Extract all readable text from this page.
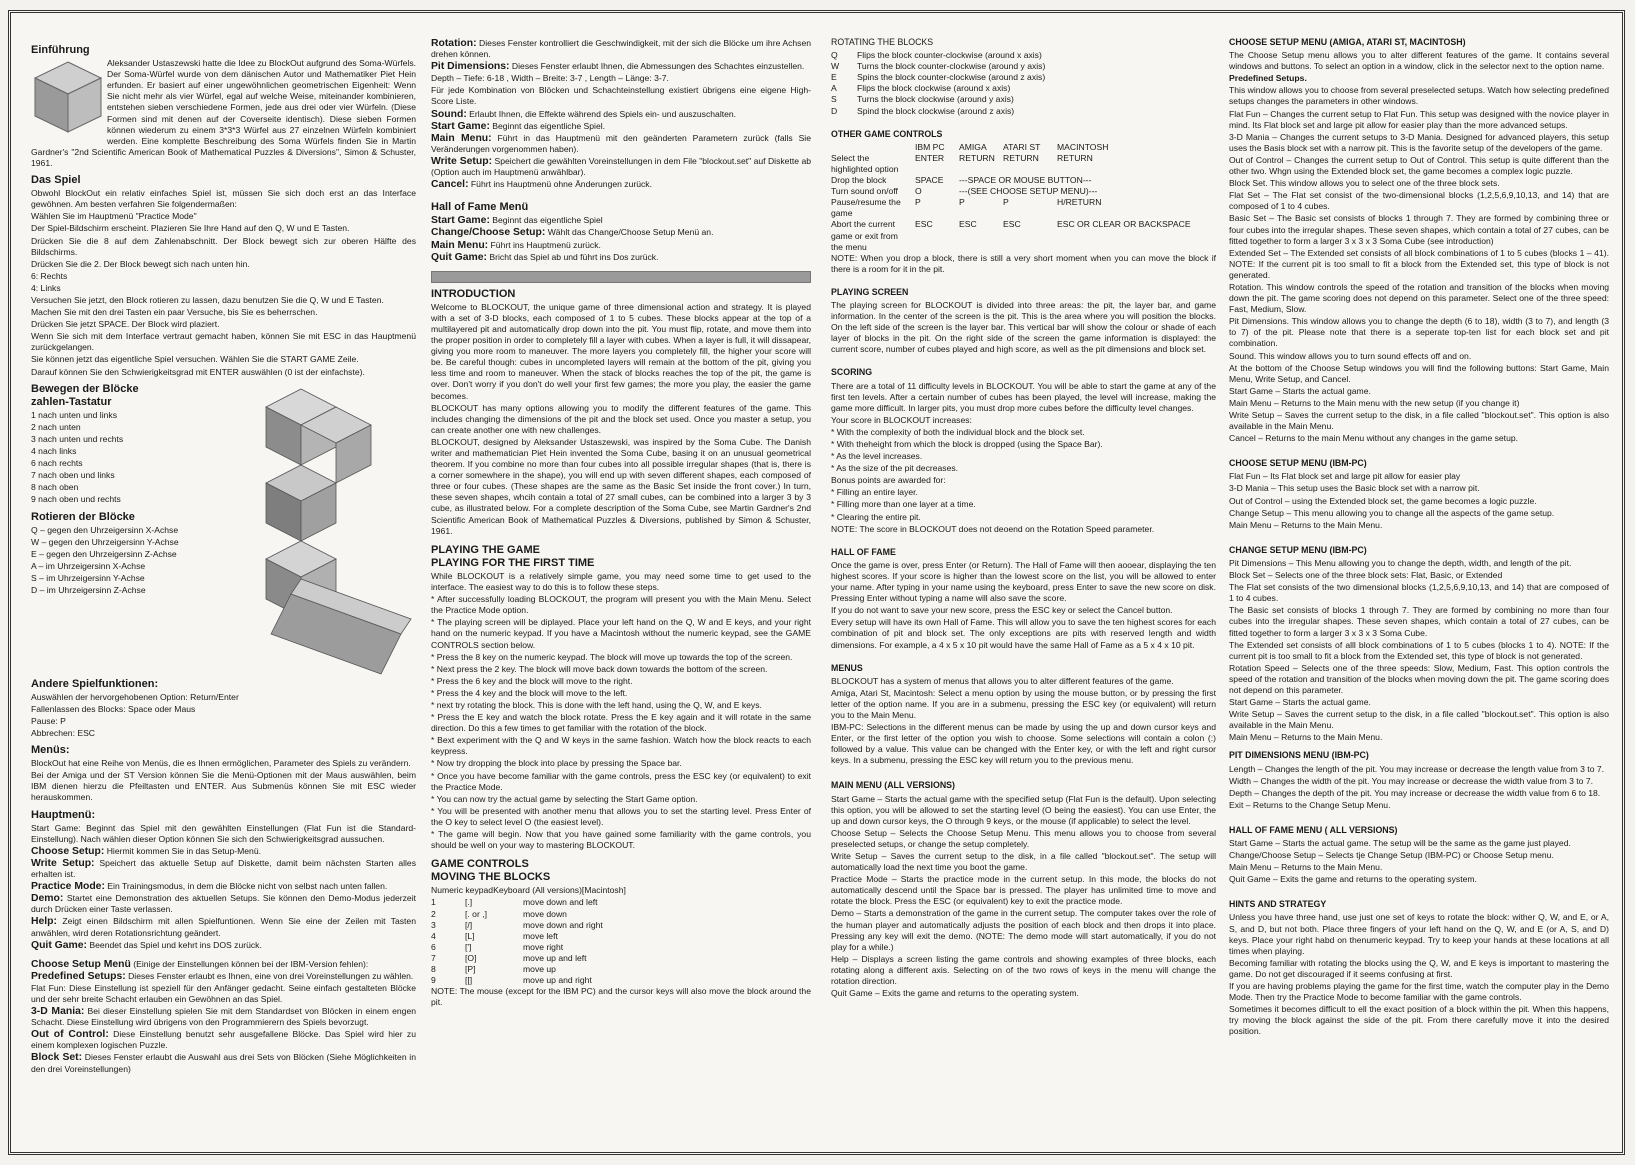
Einführung

Aleksander Ustaszewski hatte die Idee zu BlockOut aufgrund des Soma-Würfels. Der Soma-Würfel wurde von dem dänischen Autor und Mathematiker Piet Hein erfunden. Er basiert auf einer ungewöhnlichen geometrischen Eigenheit: Wenn Sie nicht mehr als vier Würfel, egal auf welche Weise, miteinander kombinieren, entstehen sieben verschiedene Formen, jede aus drei oder vier Würfeln. (Diese Formen sind mit denen auf der Coverseite identisch). Diese sieben Formen können wiederum zu einem 3*3*3 Würfel aus 27 einzelnen Würfeln kombiniert werden. Eine komplette Beschreibung des Soma Würfels finden Sie in Martin Gardner's "2nd Scientific American Book of Mathematical Puzzles & Diversions", Simon & Schuster, 1961.

Das Spiel

Obwohl BlockOut ein relativ einfaches Spiel ist, müssen Sie sich doch erst an das Interface gewöhnen. Am besten verfahren Sie folgendermaßen:

Wählen Sie im Hauptmenü "Practice Mode"

Der Spiel-Bildschirm erscheint. Plazieren Sie Ihre Hand auf den Q, W und E Tasten.

Drücken Sie die 8 auf dem Zahlenabschnitt. Der Block bewegt sich zur oberen Hälfte des Bildschirms.

Drücken Sie die 2. Der Block bewegt sich nach unten hin.

6: Rechts

4: Links

Versuchen Sie jetzt, den Block rotieren zu lassen, dazu benutzen Sie die Q, W und E Tasten.

Machen Sie mit den drei Tasten ein paar Versuche, bis Sie es beherrschen.

Drücken Sie jetzt SPACE. Der Block wird plaziert.

Wenn Sie sich mit dem Interface vertraut gemacht haben, können Sie mit ESC in das Hauptmenü zurückgelangen.

Sie können jetzt das eigentliche Spiel versuchen. Wählen Sie die START GAME Zeile.

Darauf können Sie den Schwierigkeitsgrad mit ENTER auswählen (0 ist der einfachste).

Bewegen der Blöcke
zahlen-Tastatur

1 nach unten und links

2 nach unten

3 nach unten und rechts

4 nach links

6 nach rechts

7 nach oben und links

8 nach oben

9 nach oben und rechts

Rotieren der Blöcke

Q – gegen den Uhrzeigersinn X-Achse

W – gegen den Uhrzeigersinn Y-Achse

E – gegen den Uhrzeigersinn Z-Achse

A – im Uhrzeigersinn X-Achse

S – im Uhrzeigersinn Y-Achse

D – im Uhrzeigersinn Z-Achse

Andere Spielfunktionen:

Auswählen der hervorgehobenen Option: Return/Enter

Fallenlassen des Blocks: Space oder Maus

Pause: P

Abbrechen: ESC

Menüs:

BlockOut hat eine Reihe von Menüs, die es Ihnen ermöglichen, Parameter des Spiels zu verändern.

Bei der Amiga und der ST Version können Sie die Menü-Optionen mit der Maus auswählen, beim IBM dienen hierzu die Pfeiltasten und ENTER. Aus Submenüs können Sie mit ESC wieder herauskommen.

Hauptmenü:

Start Game: Beginnt das Spiel mit den gewählten Einstellungen (Flat Fun ist die Standard-Einstellung). Nach wählen dieser Option können Sie sich den Schwierigkeitsgrad aussuchen.

Choose Setup: Hiermit kommen Sie in das Setup-Menü.

Write Setup: Speichert das aktuelle Setup auf Diskette, damit beim nächsten Starten alles erhalten ist.

Practice Mode: Ein Trainingsmodus, in dem die Blöcke nicht von selbst nach unten fallen.

Demo: Startet eine Demonstration des aktuellen Setups. Sie können den Demo-Modus jederzeit durch Drücken einer Taste verlassen.

Help: Zeigt einen Bildschirm mit allen Spielfuntionen. Wenn Sie eine der Zeilen mit Tasten anwählen, wird deren Rotationsrichtung geändert.

Quit Game: Beendet das Spiel und kehrt ins DOS zurück.

Choose Setup Menü (Einige der Einstellungen können bei der IBM-Version fehlen):

Predefined Setups: Dieses Fenster erlaubt es Ihnen, eine von drei Voreinstellungen zu wählen.

Flat Fun: Diese Einstellung ist speziell für den Anfänger gedacht. Seine einfach gestalteten Blöcke und der sehr breite Schacht erlauben ein Gewöhnen an das Spiel.

3-D Mania: Bei dieser Einstellung spielen Sie mit dem Standardset von Blöcken in einem engen Schacht. Diese Einstellung wird übrigens von den Programmierern des Spiels bevorzugt.

Out of Control: Diese Einstellung benutzt sehr ausgefallene Blöcke. Das Spiel wird hier zu einem komplexen logischen Puzzle.

Block Set: Dieses Fenster erlaubt die Auswahl aus drei Sets von Blöcken (Siehe Möglichkeiten in den drei Voreinstellungen)

Rotation: Dieses Fenster kontrolliert die Geschwindigkeit, mit der sich die Blöcke um ihre Achsen drehen können.

Pit Dimensions: Dieses Fenster erlaubt Ihnen, die Abmessungen des Schachtes einzustellen.

Depth – Tiefe: 6-18 , Width – Breite: 3-7 , Length – Länge: 3-7.

Für jede Kombination von Blöcken und Schachteinstellung existiert übrigens eine eigene High-Score Liste.

Sound: Erlaubt Ihnen, die Effekte während des Spiels ein- und auszuschalten.

Start Game: Beginnt das eigentliche Spiel.

Main Menu: Führt in das Hauptmenü mit den geänderten Parametern zurück (falls Sie Veränderungen vorgenommen haben).

Write Setup: Speichert die gewählten Voreinstellungen in dem File "blockout.set" auf Diskette ab (Option auch im Hauptmenü anwählbar).

Cancel: Führt ins Hauptmenü ohne Änderungen zurück.

Hall of Fame Menü

Start Game: Beginnt das eigentliche Spiel

Change/Choose Setup: Wählt das Change/Choose Setup Menü an.

Main Menu: Führt ins Hauptmenü zurück.

Quit Game: Bricht das Spiel ab und führt ins Dos zurück.

INTRODUCTION

Welcome to BLOCKOUT, the unique game of three dimensional action and strategy. It is played with a set of 3-D blocks, each composed of 1 to 5 cubes. These blocks appear at the top of a multilayered pit and automatically drop down into the pit. You must flip, rotate, and move them into the proper position in order to completely fill a layer with cubes. When a layer is full, it will dissapear, giving you more room to maneuver. The more layers you completely fill, the higher your score will be. Be careful though: cubes in uncompleted layers will remain at the bottom of the pit, giving you less time and room to maneuver. When the stack of blocks reaches the top of the pit, the game is over. Don't worry if you don't do well your first few games; the more you play, the easier the game becomes.

BLOCKOUT has many options allowing you to modify the different features of the game. This includes changing the dimensions of the pit and the block set used. Once you master a setup, you can create another one with new challenges.

BLOCKOUT, designed by Aleksander Ustaszewski, was inspired by the Soma Cube. The Danish writer and mathematician Piet Hein invented the Soma Cube, basing it on an unusual geometrical theorem. If you combine no more than four cubes into all possible irregular shapes (that is, there is a corner somewhere in the shape), you will end up with seven different shapes, each composed of three or four cubes. (These shapes are the same as the Basic Set inside the front cover.) In turn, these seven shapes, whcih contain a total of 27 small cubes, can be combined into a larger 3 by 3 cube, as illustrated below. For a complete description of the Soma Cube, see Martin Gardner's 2nd Scientific American Book of Mathematical Puzzles & Diversions, published by Simon & Schuster, 1961.

PLAYING THE GAME
PLAYING FOR THE FIRST TIME

While BLOCKOUT is a relatively simple game, you may need some time to get used to the interface. The easiest way to do this is to follow these steps.

* After successfully loading BLOCKOUT, the program will present you with the Main Menu. Select the Practice Mode option.

* The playing screen will be diplayed. Place your left hand on the Q, W and E keys, and your right hand on the numeric keypad. If you have a Macintosh without the numeric keypad, see the GAME CONTROLS section below.

* Press the 8 key on the numeric keypad. The block will move up towards the top of the screen.

* Next press the 2 key. The block will move back down towards the bottom of the screen.

* Press the 6 key and the block will move to the right.

* Press the 4 key and the block will move to the left.

* next try rotating the block. This is done with the left hand, using the Q, W, and E keys.

* Press the E key and watch the block rotate. Press the E key again and it will rotate in the same direction. Do this a few times to get familiar with the rotation of the block.

* Bext experiment with the Q and W keys in the same fashion. Watch how the block reacts to each keypress.

* Now try dropping the block into place by pressing the Space bar.

* Once you have become familiar with the game controls, press the ESC key (or equivalent) to exit the Practice Mode.

* You can now try the actual game by selecting the Start Game option.

* You will be presented with another menu that allows you to set the starting level. Press Enter of the O key to select level O (the easiest level).

* The game will begin. Now that you have gained some familiarity with the game controls, you should be well on your way to mastering BLOCKOUT.

GAME CONTROLS
MOVING THE BLOCKS

Numeric keypadKeyboard (All versions)[Macintosh]

1	[.]	move down and left
2	[. or ,]	move down
3	[/]	move down and right
4	[L]	move left
6	[']	move right
7	[O]	move up and left
8	[P]	move up
9	[[]	move up and right

NOTE: The mouse (except for the IBM PC) and the cursor keys will also move the block around the pit.

ROTATING THE BLOCKS
Q	Flips the block counter-clockwise (around x axis)
W	Turns the block counter-clockwise (around y axis)
E	Spins the block counter-clockwise (around z axis)
A	Flips the block clockwise (around x axis)
S	Turns the block clockwise (around y axis)
D	Spind the block clockwise (around z axis)
OTHER GAME CONTROLS
	IBM PC	AMIGA	ATARI ST	MACINTOSH
Select the highlighted option	ENTER	RETURN	RETURN	RETURN
Drop the block	SPACE	---SPACE OR MOUSE BUTTON---		
Turn sound on/off	O	---(SEE CHOOSE SETUP MENU)---		
Pause/resume the game	P	P	P	H/RETURN
Abort the current game or exit from the menu	ESC	ESC	ESC	ESC OR CLEAR OR BACKSPACE

NOTE: When you drop a block, there is still a very short moment when you can move the block if there is a room for it in the pit.

PLAYING SCREEN

The playing screen for BLOCKOUT is divided into three areas: the pit, the layer bar, and game information. In the center of the screen is the pit. This is the area where you will position the blocks. On the left side of the screen is the layer bar. This vertical bar will show the colour or shade of each layer of blocks in the pit. On the right side of the screen the game information is displayed: the current score, number of cubes played and high score, as well as the pit dimensions and block set.

SCORING

There are a total of 11 difficulty levels in BLOCKOUT. You will be able to start the game at any of the first ten levels. After a certain number of cubes has been played, the level will increase, making the game more difficult. In larger pits, you must drop more cubes before the difficulty level changes.

Your score in BLOCKOUT increases:

* With the complexity of both the individual block and the block set.

* With theheight from which the block is dropped (using the Space Bar).

* As the level increases.

* As the size of the pit decreases.

Bonus points are awarded for:

* Filling an entire layer.

* Filling more than one layer at a time.

* Clearing the entire pit.

NOTE: The score in BLOCKOUT does not deoend on the Rotation Speed parameter.

HALL OF FAME

Once the game is over, press Enter (or Return). The Hall of Fame will then aooear, displaying the ten highest scores. If your score is higher than the lowest score on the list, you will be allowed to enter your name. After typing in your name using the keyboard, press Enter to save the new score on disk. Pressing Enter without typing a name will also save the score.

If you do not want to save your new score, press the ESC key or select the Cancel button.

Every setup will have its own Hall of Fame. This will allow you to save the ten highest scores for each combination of pit and block set. The only exceptions are pits with reserved length and width dimensions. For example, a 4 x 5 x 10 pit would have the same Hall of Fame as a 5 x 4 x 10 pit.

MENUS

BLOCKOUT has a system of menus that allows you to alter different features of the game.

Amiga, Atari St, Macintosh: Select a menu option by using the mouse button, or by pressing the first letter of the option name. If you are in a submenu, pressing the ESC key (or equivalent) will return you to the Main Menu.

IBM-PC: Selections in the different menus can be made by using the up and down cursor keys and Enter, or the first letter of the option you wish to choose. Some selections will contain a colon (:) followed by a value. This value can be changed with the Enter key, or with the left and right cursor keys. In a submenu, pressing the ESC key will return you to the previous menu.

MAIN MENU (ALL VERSIONS)

Start Game – Starts the actual game with the specified setup (Flat Fun is the default). Upon selecting this option, you will be allowed to set the starting level (O being the easiest). You can use Enter, the up and down cursor keys, the O through 9 keys, or the mouse (if applicable) to select the level.

Choose Setup – Selects the Choose Setup Menu. This menu allows you to choose from several preselected setups, or change the setup completely.

Write Setup – Saves the current setup to the disk, in a file called "blockout.set". The setup will automatically load the next time you boot the game.

Practice Mode – Starts the practice mode in the current setup. In this mode, the blocks do not automatically descend until the Space bar is pressed. The player has unlimited time to move and rotate the block. Press the ESC (or equivalent) key to exit the practice mode.

Demo – Starts a demonstration of the game in the current setup. The computer takes over the role of the human player and automatically adjusts the position of each block and then drops it into place. Pressing any key will exit the demo. (NOTE: The demo mode will start automatically, if you do not play for a while.)

Help – Displays a screen listing the game controls and showing examples of three blocks, each rotating along a different axis. Selecting on of the two rows of keys in the menu will change the rotation direction.

Quit Game – Exits the game and returns to the operating system.

CHOOSE SETUP MENU (AMIGA, ATARI ST, MACINTOSH)

The Choose Setup menu allows you to alter different features of the game. It contains several windows and buttons. To select an option in a window, click in the selector next to the option name.

Predefined Setups.

This window allows you to choose from several preselected setups. Watch how selecting predefined setups changes the parameters in other windows.

Flat Fun – Changes the current setup to Flat Fun. This setup was designed with the novice player in mind. Its Flat block set and large pit allow for easier play than the more advanced setups.

3-D Mania – Changes the current setups to 3-D Mania. Designed for advanced players, this setup uses the Basis block set with a narrow pit. This is the favorite setup of the developers of the game.

Out of Control – Changes the current setup to Out of Control. This setup is quite different than the other two. Whgn using the Extended block set, the game becomes a complex logic puzzle.

Block Set. This window allows you to select one of the three block sets.

Flat Set – The Flat set consist of the two-dimensional blocks (1,2,5,6,9,10,13, and 14) that are composed of 1 to 4 cubes.

Basic Set – The Basic set consists of blocks 1 through 7. They are formed by combining three or four cubes into the irregular shapes. These seven shapes, which contain a total of 27 cubes, can be fitted together to form a larger 3 x 3 x 3 Soma Cube (see introduction)

Extended Set – The Extended set consists of all block combinations of 1 to 5 cubes (blocks 1 – 41). NOTE: If the current pit is too small to fit a block from the Extended set, this type of block is not generated.

Rotation. This window controls the speed of the rotation and transition of the blocks when moving down the pit. The game scoring does not depend on this parameter. Select one of the three speed: Fast, Medium, Slow.

Pit Dimensions. This window allows you to change the depth (6 to 18), width (3 to 7), and length (3 to 7) of the pit. Please note that there is a seperate top-ten list for each block set and pit combination.

Sound. This window allows you to turn sound effects off and on.

At the bottom of the Choose Setup windows you will find the following buttons: Start Game, Main Menu, Write Setup, and Cancel.

Start Game – Starts the actual game.

Main Menu – Returns to the Main menu with the new setup (if you change it)

Write Setup – Saves the current setup to the disk, in a file called "blockout.set". This option is also available in the Main Menu.

Cancel – Returns to the main Menu without any changes in the game setup.

CHOOSE SETUP MENU (IBM-PC)

Flat Fun – Its Flat block set and large pit allow for easier play

3-D Mania – This setup uses the Basic block set with a narrow pit.

Out of Control – using the Extended block set, the game becomes a logic puzzle.

Change Setup – This menu allowing you to change all the aspects of the game setup.

Main Menu – Returns to the Main Menu.

CHANGE SETUP MENU (IBM-PC)

Pit Dimensions – This Menu allowing you to change the depth, width, and length of the pit.

Block Set – Selects one of the three block sets: Flat, Basic, or Extended

The Flat set consists of the two dimensional blocks (1,2,5,6,9,10,13, and 14) that are composed of 1 to 4 cubes.

The Basic set consists of blocks 1 through 7. They are formed by combining no more than four cubes into the irregular shapes. These seven shapes, which contain a total of 27 cubes, can be fitted together to form a larger 3 x 3 x 3 Soma Cube.

The Extended set consists of alll block combinations of 1 to 5 cubes (blocks 1 to 4). NOTE: If the current pit is too small to fit a block from the Extended set, this type of block is not generated.

Rotation Speed – Selects one of the three speeds: Slow, Medium, Fast. This option controls the speed of the rotation and transition of the blocks when moving down the pit. The game scoring does not depend on this parameter.

Start Game – Starts the actual game.

Write Setup – Saves the current setup to the disk, in a file called "blockout.set". This option is also available in the Main Menu.

Main Menu – Returns to the Main Menu.

PIT DIMENSIONS MENU (IBM-PC)

Length – Changes the length of the pit. You may increase or decrease the length value from 3 to 7.

Width – Changes the width of the pit. You may increase or decrease the width value from 3 to 7.

Depth – Changes the depth of the pit. You may increase or decrease the width value from 6 to 18.

Exit – Returns to the Change Setup Menu.

HALL OF FAME MENU ( ALL VERSIONS)

Start Game – Starts the actual game. The setup will be the same as the game just played.

Change/Choose Setup – Selects tje Change Setup (IBM-PC) or Choose Setup menu.

Main Menu – Returns to the Main Menu.

Quit Game – Exits the game and returns to the operating system.

HINTS AND STRATEGY

Unless you have three hand, use just one set of keys to rotate the block: wither Q, W, and E, or A, S, and D, but not both. Place three fingers of your left hand on the Q, W, and E (or A, S, and D) keys. Place your right habd on thenumeric keypad. Try to keep your hands at these locations at all times when playing.

Becoming familiar with rotating the blocks using the Q, W, and E keys is important to mastering the game. Do not get discouraged if it seems confusing at first.

If you are having problems playing the game for the first time, watch the computer play in the Demo Mode. Then try the Practice Mode to become familiar with the game controls.

Sometimes it becomes difficult to ell the exact position of a block within the pit. When this happens, try moving the block against the side of the pit. From there carefully move it into the desired position.
